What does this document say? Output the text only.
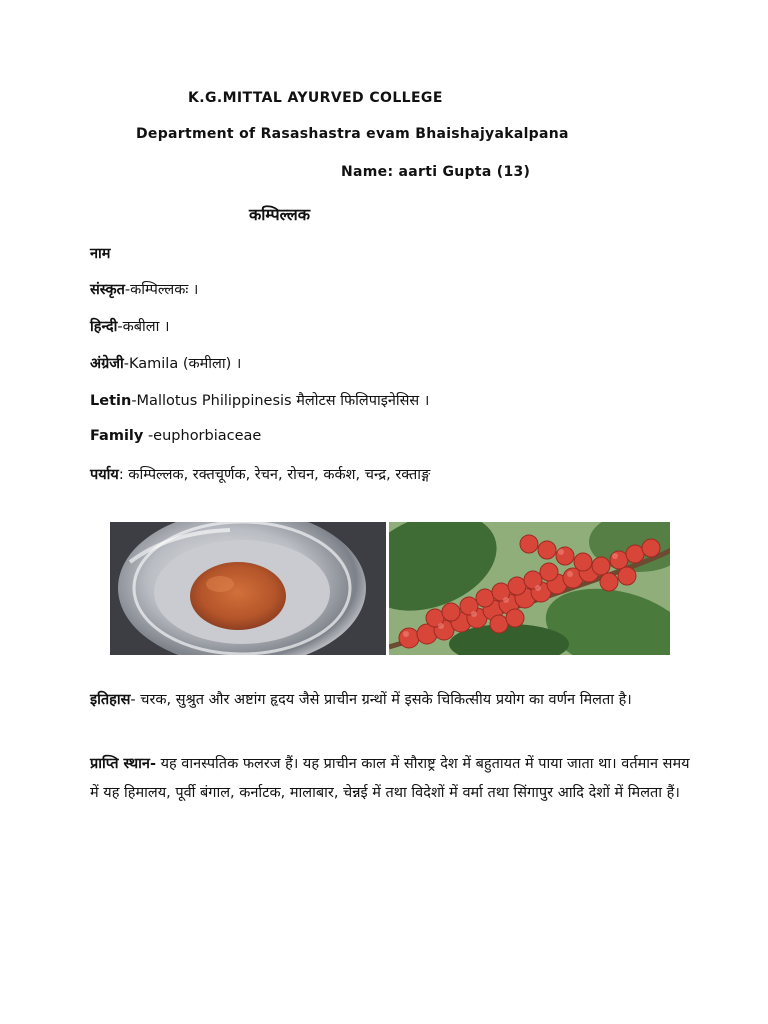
K.G.MITTAL AYURVED COLLEGE
Department of Rasashastra evam Bhaishajyakalpana
Name: aarti Gupta (13)
कम्पिल्लक
नाम
संस्कृत-कम्पिल्लकः ।
हिन्दी-कबीला ।
अंग्रेजी-Kamila (कमीला) ।
Letin-Mallotus Philippinesis मैलोटस फिलिपाइनेसिस ।
Family -euphorbiaceae
पर्याय: कम्पिल्लक, रक्तचूर्णक, रेचन, रोचन, कर्कश, चन्द्र, रक्ताङ्ग
इतिहास- चरक, सुश्रुत और अष्टांग हृदय जैसे प्राचीन ग्रन्थों में इसके चिकित्सीय प्रयोग का वर्णन मिलता है।
प्राप्ति स्थान- यह वानस्पतिक फलरज हैं। यह प्राचीन काल में सौराष्ट्र देश में बहुतायत में पाया जाता था। वर्तमान समय में यह हिमालय, पूर्वी बंगाल, कर्नाटक, मालाबार, चेन्नई में तथा विदेशों में वर्मा तथा सिंगापुर आदि देशों में मिलता हैं।
